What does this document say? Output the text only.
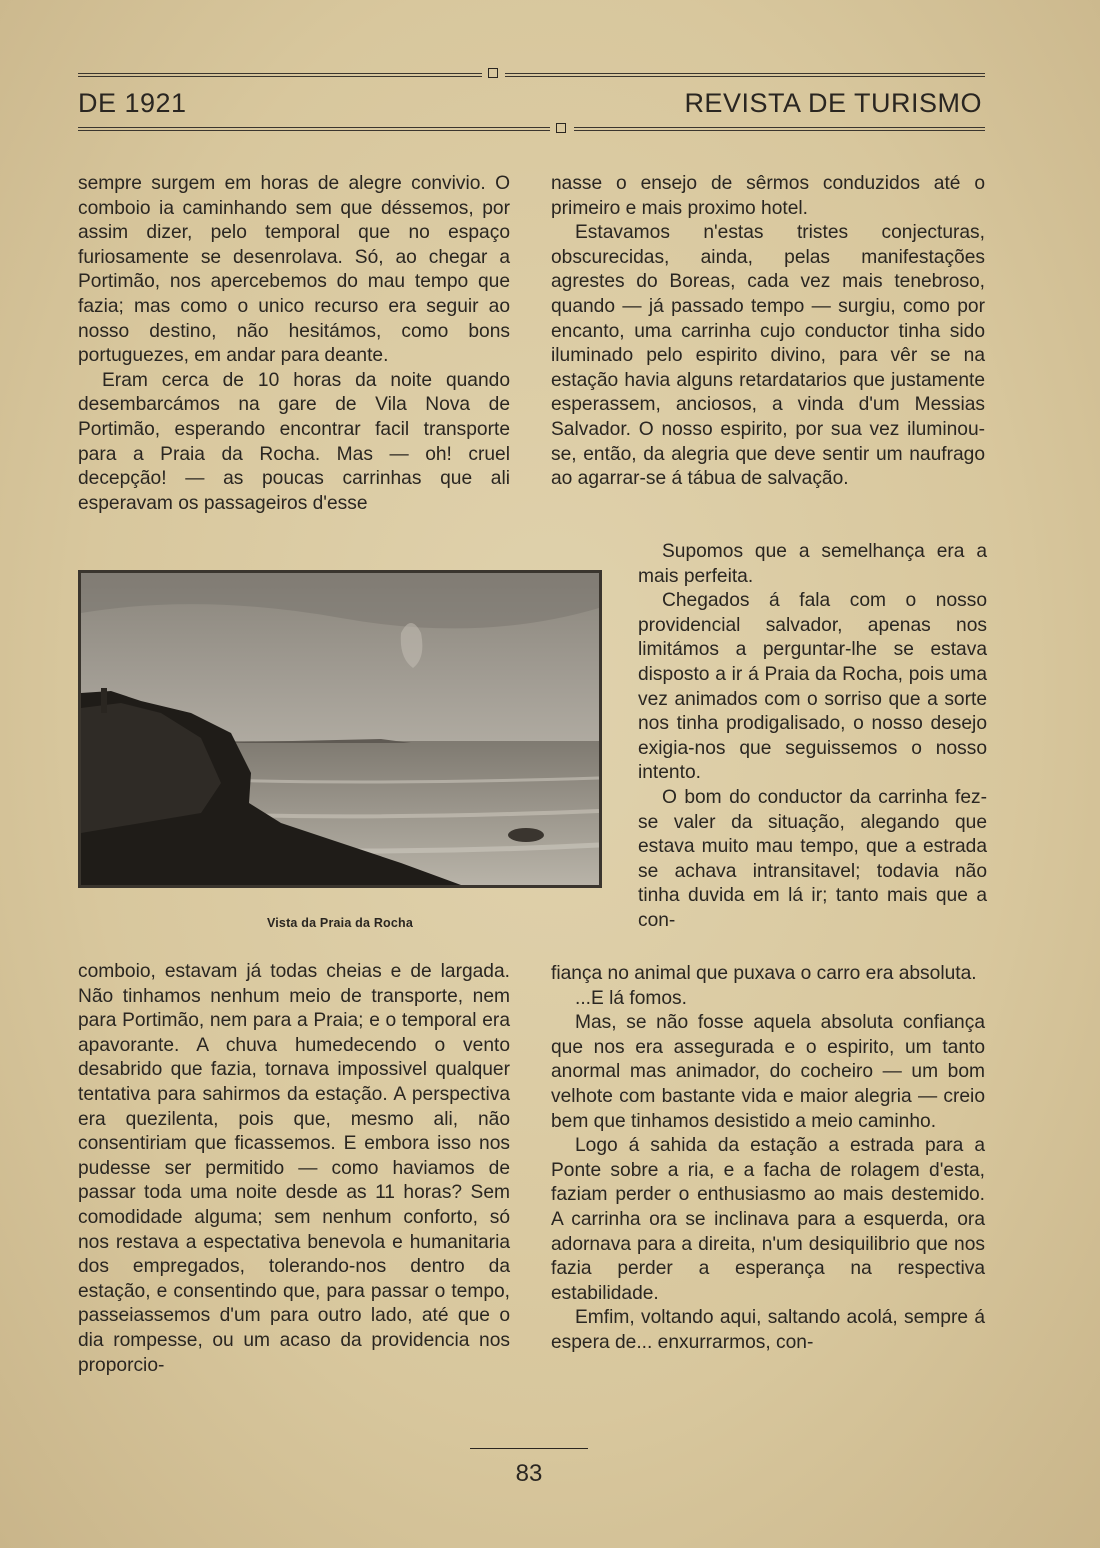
DE 1921	REVISTA DE TURISMO

sempre surgem em horas de alegre convivio. O comboio ia caminhando sem que déssemos, por assim dizer, pelo temporal que no espaço furiosamente se desenrolava. Só, ao chegar a Portimão, nos apercebemos do mau tempo que fazia; mas como o unico recurso era seguir ao nosso destino, não hesitámos, como bons portuguezes, em andar para deante.

Eram cerca de 10 horas da noite quando desembarcámos na gare de Vila Nova de Portimão, esperando encontrar facil transporte para a Praia da Rocha. Mas — oh! cruel decepção! — as poucas carrinhas que ali esperavam os passageiros d'esse

Vista da Praia da Rocha

comboio, estavam já todas cheias e de largada. Não tinhamos nenhum meio de transporte, nem para Portimão, nem para a Praia; e o temporal era apavorante. A chuva humedecendo o vento desabrido que fazia, tornava impossivel qualquer tentativa para sahirmos da estação. A perspectiva era quezilenta, pois que, mesmo ali, não consentiriam que ficassemos. E embora isso nos pudesse ser permitido — como haviamos de passar toda uma noite desde as 11 horas? Sem comodidade alguma; sem nenhum conforto, só nos restava a espectativa benevola e humanitaria dos empregados, tolerando-nos dentro da estação, e consentindo que, para passar o tempo, passeiassemos d'um para outro lado, até que o dia rompesse, ou um acaso da providencia nos proporcio-

nasse o ensejo de sêrmos conduzidos até o primeiro e mais proximo hotel.

Estavamos n'estas tristes conjecturas, obscurecidas, ainda, pelas manifestações agrestes do Boreas, cada vez mais tenebroso, quando — já passado tempo — surgiu, como por encanto, uma carrinha cujo conductor tinha sido iluminado pelo espirito divino, para vêr se na estação havia alguns retardatarios que justamente esperassem, anciosos, a vinda d'um Messias Salvador. O nosso espirito, por sua vez iluminou-se, então, da alegria que deve sentir um naufrago ao agarrar-se á tábua de salvação.

Supomos que a semelhança era a mais perfeita.

Chegados á fala com o nosso providencial salvador, apenas nos limitámos a perguntar-lhe se estava disposto a ir á Praia da Rocha, pois uma vez animados com o sorriso que a sorte nos tinha prodigalisado, o nosso desejo exigia-nos que seguissemos o nosso intento.

O bom do conductor da carrinha fez-se valer da situação, alegando que estava muito mau tempo, que a estrada se achava intransitavel; todavia não tinha duvida em lá ir; tanto mais que a con-

fiança no animal que puxava o carro era absoluta.

...E lá fomos.

Mas, se não fosse aquela absoluta confiança que nos era assegurada e o espirito, um tanto anormal mas animador, do cocheiro — um bom velhote com bastante vida e maior alegria — creio bem que tinhamos desistido a meio caminho.

Logo á sahida da estação a estrada para a Ponte sobre a ria, e a facha de rolagem d'esta, faziam perder o enthusiasmo ao mais destemido. A carrinha ora se inclinava para a esquerda, ora adornava para a direita, n'um desiquilibrio que nos fazia perder a esperança na respectiva estabilidade.

Emfim, voltando aqui, saltando acolá, sempre á espera de... enxurrarmos, con-

83
